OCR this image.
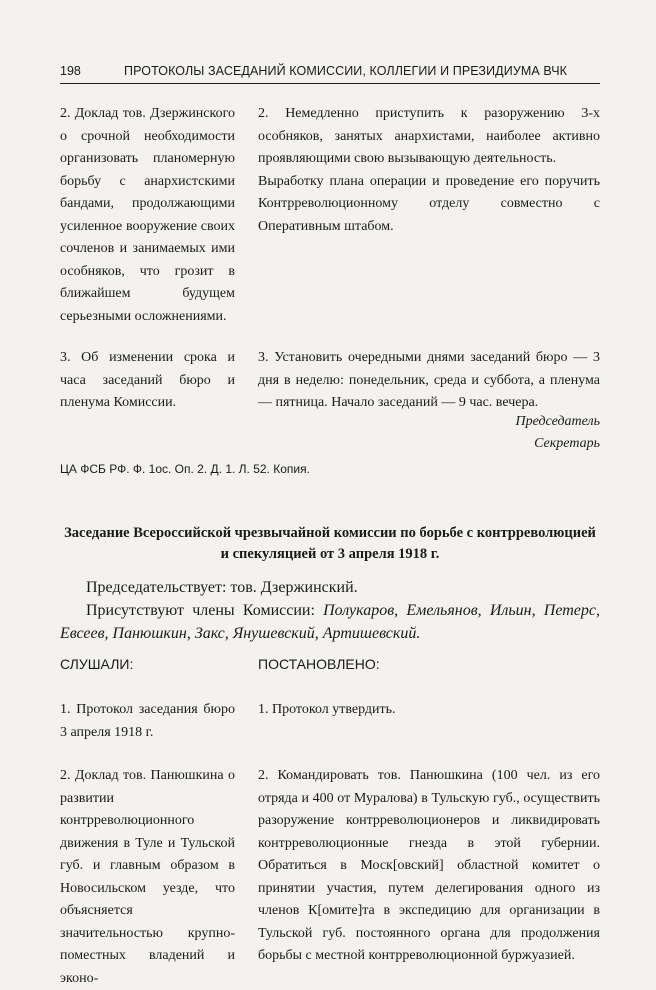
198	ПРОТОКОЛЫ ЗАСЕДАНИЙ КОМИССИИ, КОЛЛЕГИИ И ПРЕЗИДИУМА ВЧК
2. Доклад тов. Дзержинского о срочной необходимости организовать планомерную борьбу с анархистскими бандами, продолжающими усиленное вооружение своих сочленов и занимаемых ими особняков, что грозит в ближайшем будущем серьезными осложнениями.
2. Немедленно приступить к разоружению 3-х особняков, занятых анархистами, наиболее активно проявляющими свою вызывающую деятельность.
Выработку плана операции и проведение его поручить Контрреволюционному отделу совместно с Оперативным штабом.
3. Об изменении срока и часа заседаний бюро и пленума Комиссии.
3. Установить очередными днями заседаний бюро — 3 дня в неделю: понедельник, среда и суббота, а пленума — пятница. Начало заседаний — 9 час. вечера.
Председатель
Секретарь
ЦА ФСБ РФ. Ф. 1ос. Оп. 2. Д. 1. Л. 52. Копия.
Заседание Всероссийской чрезвычайной комиссии по борьбе с контрреволюцией и спекуляцией от 3 апреля 1918 г.
Председательствует: тов. Дзержинский.
Присутствуют члены Комиссии: Полукаров, Емельянов, Ильин, Петерс, Евсеев, Панюшкин, Закс, Янушевский, Артишевский.
СЛУШАЛИ:	ПОСТАНОВЛЕНО:
1. Протокол заседания бюро 3 апреля 1918 г.
1. Протокол утвердить.
2. Доклад тов. Панюшкина о развитии контрреволюционного движения в Туле и Тульской губ. и главным образом в Новосильском уезде, что объясняется значительностью крупно-поместных владений и эконо-
2. Командировать тов. Панюшкина (100 чел. из его отряда и 400 от Муралова) в Тульскую губ., осуществить разоружение контрреволюционеров и ликвидировать контрреволюционные гнезда в этой губернии. Обратиться в Моск[овский] областной комитет о принятии участия, путем делегирования одного из членов К[омите]та в экспедицию для организации в Тульской губ. постоянного органа для продолжения борьбы с местной контрреволюционной буржуазией.
